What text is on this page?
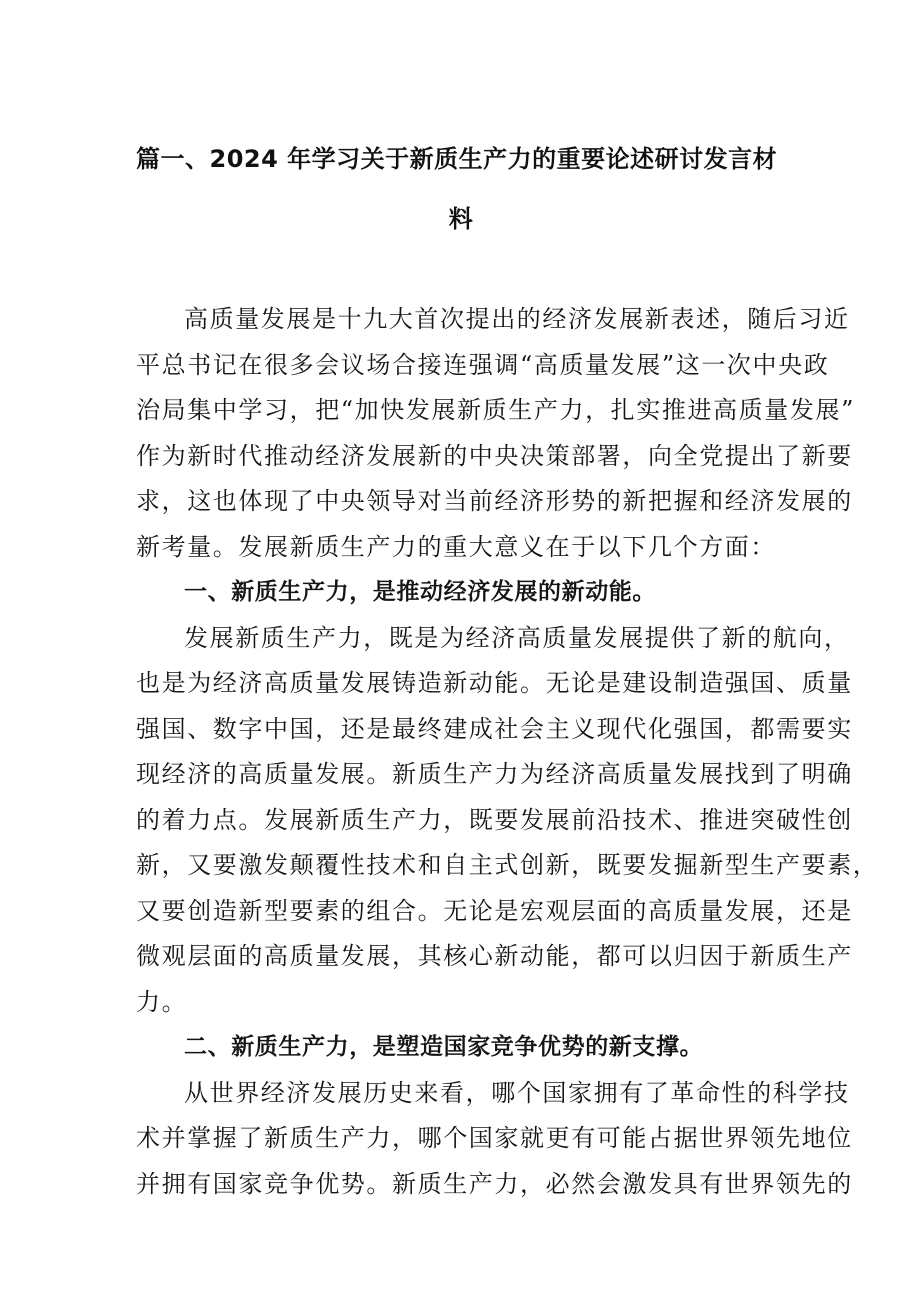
篇一、2024 年学习关于新质生产力的重要论述研讨发言材
料
高质量发展是十九大首次提出的经济发展新表述，随后习近
平总书记在很多会议场合接连强调“高质量发展”这一次中央政
治局集中学习，把“加快发展新质生产力，扎实推进高质量发展”
作为新时代推动经济发展新的中央决策部署，向全党提出了新要
求，这也体现了中央领导对当前经济形势的新把握和经济发展的
新考量。发展新质生产力的重大意义在于以下几个方面：
一、新质生产力，是推动经济发展的新动能。
发展新质生产力，既是为经济高质量发展提供了新的航向，
也是为经济高质量发展铸造新动能。无论是建设制造强国、质量
强国、数字中国，还是最终建成社会主义现代化强国，都需要实
现经济的高质量发展。新质生产力为经济高质量发展找到了明确
的着力点。发展新质生产力，既要发展前沿技术、推进突破性创
新，又要激发颠覆性技术和自主式创新，既要发掘新型生产要素，
又要创造新型要素的组合。无论是宏观层面的高质量发展，还是
微观层面的高质量发展，其核心新动能，都可以归因于新质生产
力。
二、新质生产力，是塑造国家竞争优势的新支撑。
从世界经济发展历史来看，哪个国家拥有了革命性的科学技
术并掌握了新质生产力，哪个国家就更有可能占据世界领先地位
并拥有国家竞争优势。新质生产力，必然会激发具有世界领先的
